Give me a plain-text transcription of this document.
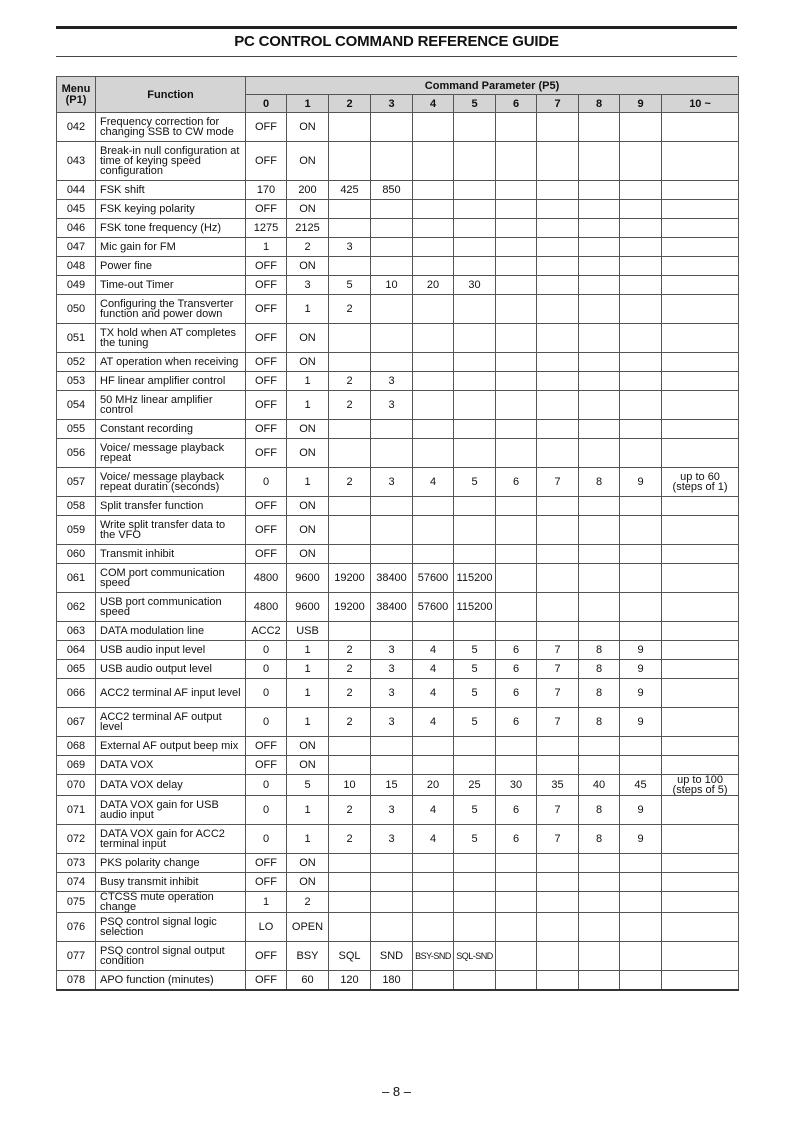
PC CONTROL COMMAND REFERENCE GUIDE
Menu
(P1)	Function	Command Parameter (P5)										
		0	1	2	3	4	5	6	7	8	9	10 ~
042	Frequency correction for changing SSB to CW mode	OFF	ON									
043	Break-in null configuration at time of keying speed configuration	OFF	ON									
044	FSK shift	170	200	425	850							
045	FSK keying polarity	OFF	ON									
046	FSK tone frequency (Hz)	1275	2125									
047	Mic gain for FM	1	2	3								
048	Power fine	OFF	ON									
049	Time-out Timer	OFF	3	5	10	20	30					
050	Configuring the Transverter function and power down	OFF	1	2								
051	TX hold when AT completes the tuning	OFF	ON									
052	AT operation when receiving	OFF	ON									
053	HF linear amplifier control	OFF	1	2	3							
054	50 MHz linear amplifier control	OFF	1	2	3							
055	Constant recording	OFF	ON									
056	Voice/ message playback repeat	OFF	ON									
057	Voice/ message playback repeat duratin (seconds)	0	1	2	3	4	5	6	7	8	9	up to 60 (steps of 1)
058	Split transfer function	OFF	ON									
059	Write split transfer data to the VFO	OFF	ON									
060	Transmit inhibit	OFF	ON									
061	COM port communication speed	4800	9600	19200	38400	57600	115200					
062	USB port communication speed	4800	9600	19200	38400	57600	115200					
063	DATA modulation line	ACC2	USB									
064	USB audio input level	0	1	2	3	4	5	6	7	8	9	
065	USB audio output level	0	1	2	3	4	5	6	7	8	9	
066	ACC2 terminal AF input level	0	1	2	3	4	5	6	7	8	9	
067	ACC2 terminal AF output level	0	1	2	3	4	5	6	7	8	9	
068	External AF output beep mix	OFF	ON									
069	DATA VOX	OFF	ON									
070	DATA VOX delay	0	5	10	15	20	25	30	35	40	45	up to 100 (steps of 5)
071	DATA VOX gain for USB audio input	0	1	2	3	4	5	6	7	8	9	
072	DATA VOX gain for ACC2 terminal input	0	1	2	3	4	5	6	7	8	9	
073	PKS polarity change	OFF	ON									
074	Busy transmit inhibit	OFF	ON									
075	CTCSS mute operation change	1	2									
076	PSQ control signal logic selection	LO	OPEN									
077	PSQ control signal output condition	OFF	BSY	SQL	SND	BSY-SND	SQL-SND					
078	APO function (minutes)	OFF	60	120	180							
– 8 –
